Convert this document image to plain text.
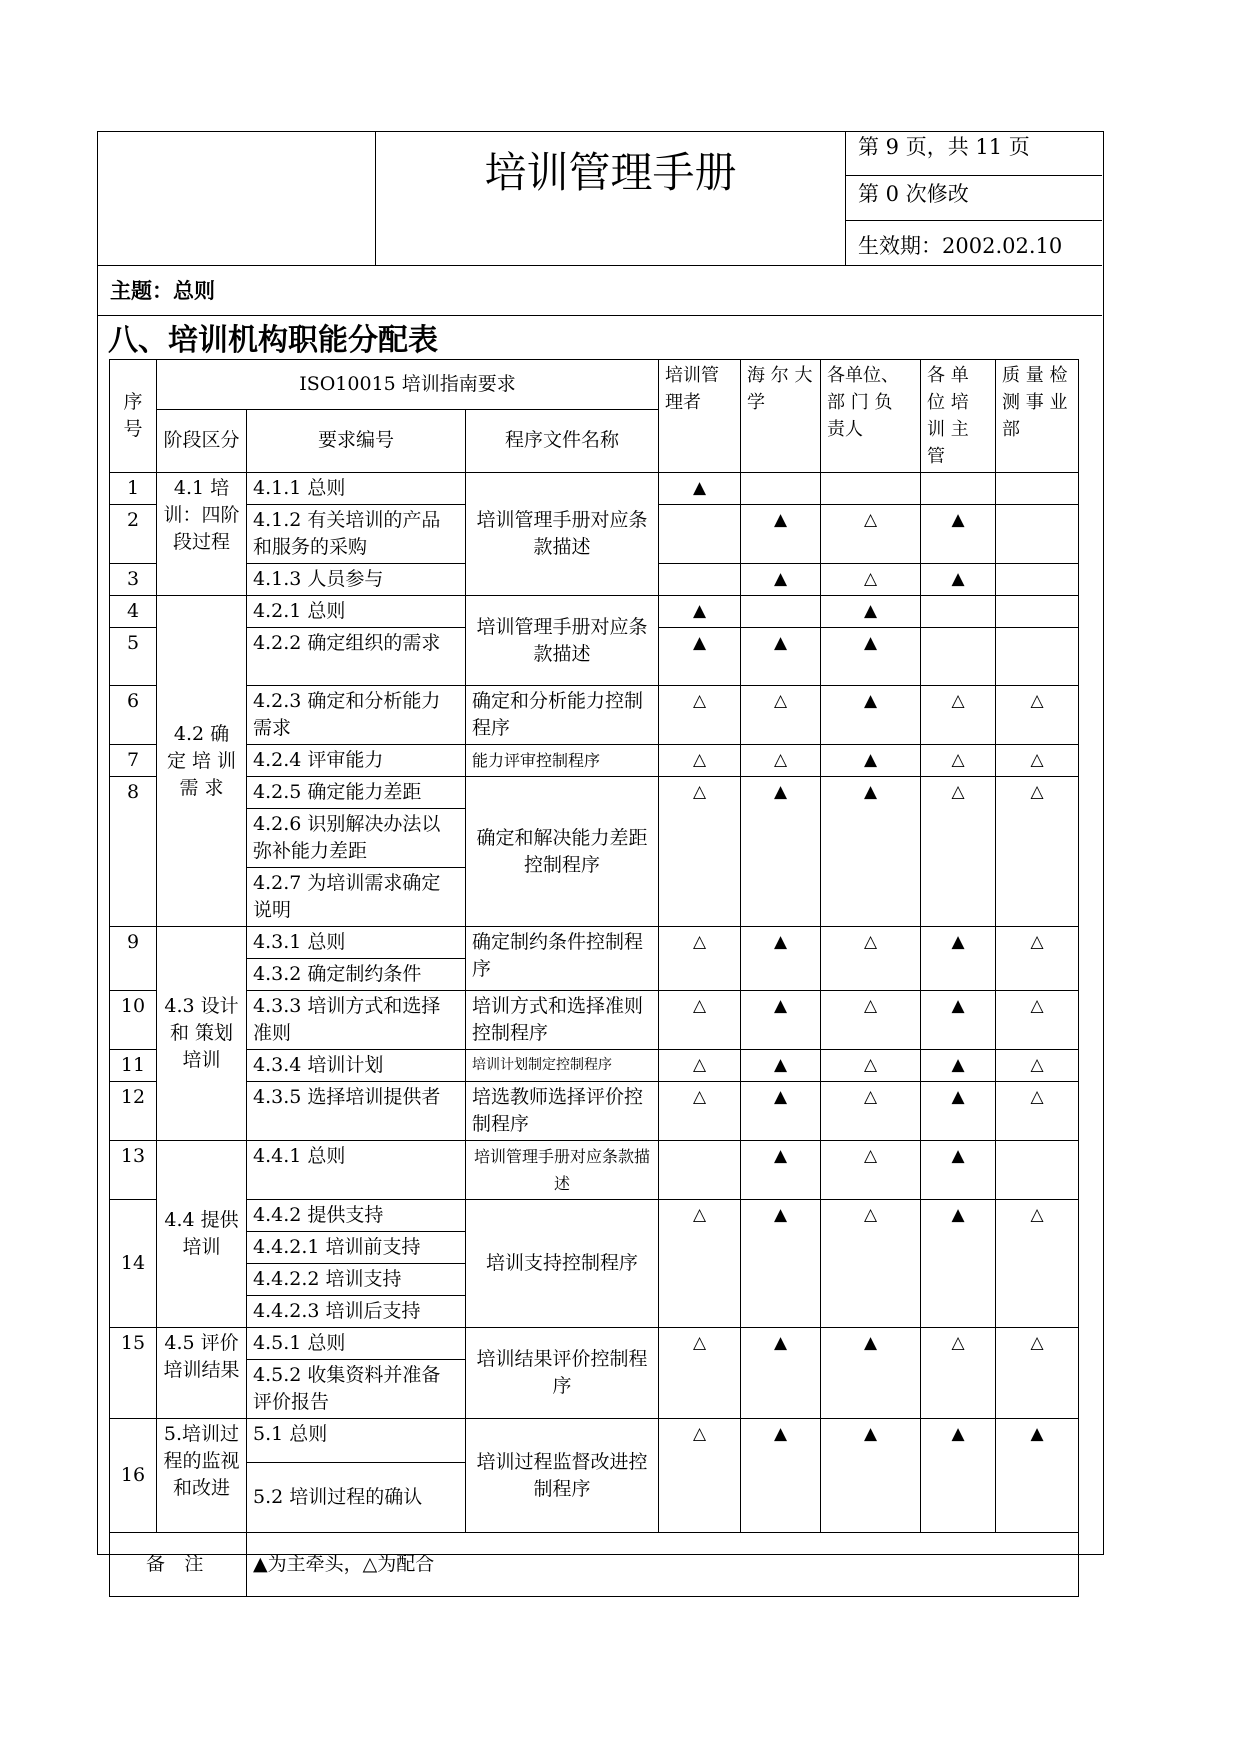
培训管理手册
第 9 页，共 11 页
第 0 次修改
生效期：2002.02.10
主题：总则
八、培训机构职能分配表
序号	ISO10015 培训指南要求			培训管理者	海 尔 大学	各单位、部 门 负 责人	各 单 位 培 训 主 管	质 量 检 测 事 业 部
	阶段区分	要求编号	程序文件名称					
1	4.1 培训：四阶段过程	4.1.1 总则	培训管理手册对应条款描述	▲				
2		4.1.2 有关培训的产品和服务的采购			▲	△	▲	
3		4.1.3 人员参与			▲	△	▲	
4	4.2 确 定 培 训 需 求	4.2.1 总则	培训管理手册对应条款描述	▲		▲		
5		4.2.2 确定组织的需求		▲	▲	▲		
6		4.2.3 确定和分析能力需求	确定和分析能力控制程序	△	△	▲	△	△
7		4.2.4 评审能力	能力评审控制程序	△	△	▲	△	△
8		4.2.5 确定能力差距	确定和解决能力差距控制程序	△	▲	▲	△	△
		4.2.6 识别解决办法以弥补能力差距						
		4.2.7 为培训需求确定说明						
9	4.3 设计 和 策划 培训	4.3.1 总则	确定制约条件控制程序	△	▲	△	▲	△
		4.3.2 确定制约条件						
10		4.3.3 培训方式和选择准则	培训方式和选择准则控制程序	△	▲	△	▲	△
11		4.3.4 培训计划	培训计划制定控制程序	△	▲	△	▲	△
12		4.3.5 选择培训提供者	培选教师选择评价控制程序	△	▲	△	▲	△
13	4.4 提供 培训	4.4.1 总则	培训管理手册对应条款描述		▲	△	▲	
14		4.4.2 提供支持	培训支持控制程序	△	▲	△	▲	△
		4.4.2.1 培训前支持						
		4.4.2.2 培训支持						
		4.4.2.3 培训后支持						
15	4.5 评价培训结果	4.5.1 总则	培训结果评价控制程序	△	▲	▲	△	△
		4.5.2 收集资料并准备评价报告						
16	5.培训过程的监视和改进	5.1 总则	培训过程监督改进控制程序	△	▲	▲	▲	▲
		5.2 培训过程的确认						
备 注		▲为主牵头，△为配合						
